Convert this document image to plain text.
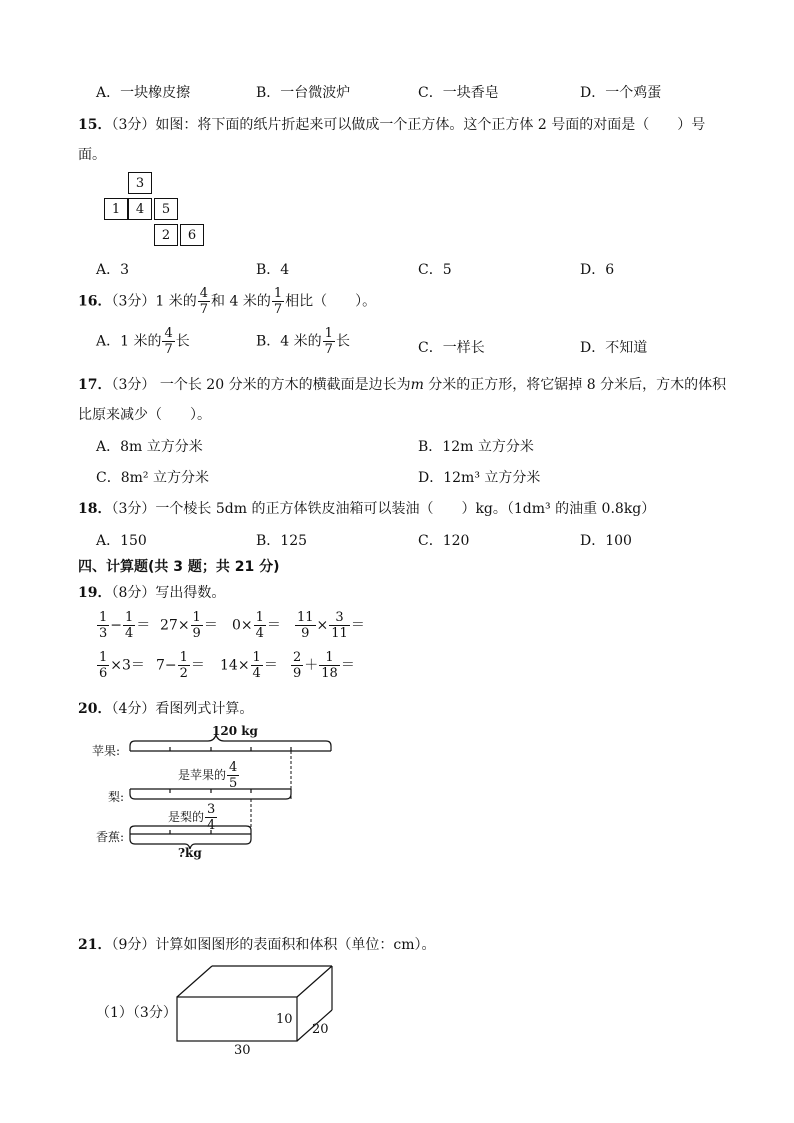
A．一块橡皮擦	B．一台微波炉	C．一块香皂	D．一个鸡蛋
15．（3分）如图：将下面的纸片折起来可以做成一个正方体。这个正方体 2 号面的对面是（　　）号
面。
3
1	4	5
2	6
A．3	B．4	C．5	D．6
16．（3分）1 米的 $\frac{4}{7}$ 和 4 米的 $\frac{1}{7}$ 相比（　　）。
A．1 米的 $\frac{4}{7}$ 长	B．4 米的 $\frac{1}{7}$ 长	C．一样长	D．不知道
17．（3分） 一个长 20 分米的方木的横截面是边长为𝑚 分米的正方形，将它锯掉 8 分米后，方木的体积
比原来减少（　　）。
A．8m 立方分米	B．12m 立方分米
C．8m² 立方分米	D．12m³ 立方分米
18．（3分）一个棱长 5dm 的正方体铁皮油箱可以装油（　　）kg。（1dm³ 的油重 0.8kg）
A．150	B．125	C．120	D．100
四、计算题(共 3 题；共 21 分)
19．（8分）写出得数。
$\frac{1}{3} - \frac{1}{4} = 27\times \frac{1}{9} = 0\times \frac{1}{4} = \frac{11}{9} \times \frac{3}{11}$ ＝
$\frac{1}{6} \times 3= 7- \frac{1}{2} = 14\times \frac{1}{4} = \frac{2}{9} + \frac{1}{18}$ ＝
20．（4分）看图列式计算。
苹果:
120 kg
是苹果的 $\frac{4}{5}$
梨:
是梨的 $\frac{3}{4}$
香蕉:
?kg
21．（9分）计算如图图形的表面积和体积（单位：cm）。
（1）（3分）	10
20
30
